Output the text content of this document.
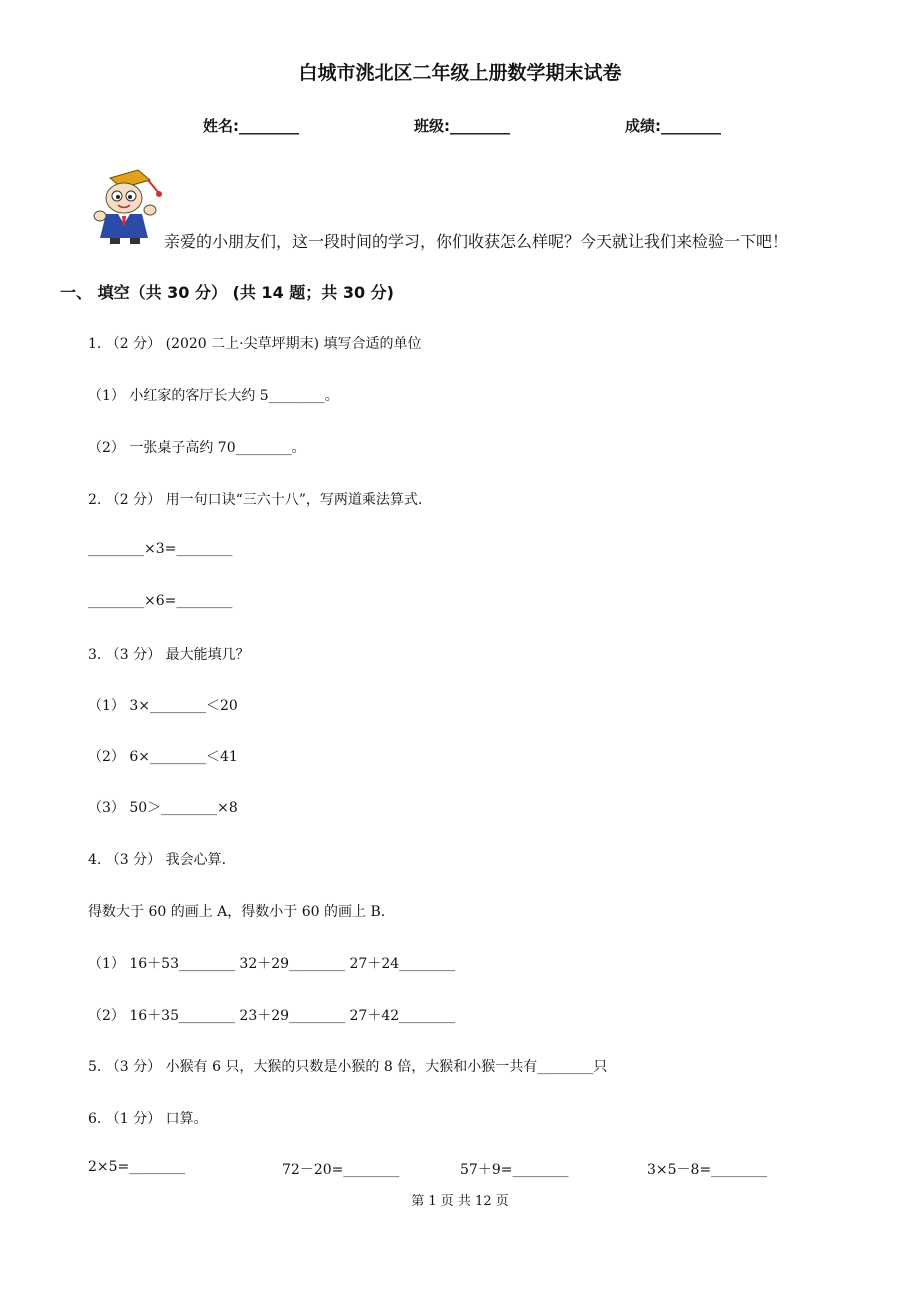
白城市洮北区二年级上册数学期末试卷
姓名:________	班级:________	成绩:________
亲爱的小朋友们，这一段时间的学习，你们收获怎么样呢？今天就让我们来检验一下吧！
一、 填空（共 30 分） (共 14 题；共 30 分)
1. （2 分） (2020 二上·尖草坪期末) 填写合适的单位
（1） 小红家的客厅长大约 5________。
（2） 一张桌子高约 70________。
2. （2 分） 用一句口诀“三六十八”，写两道乘法算式.
________×3=________
________×6=________
3. （3 分） 最大能填几？
（1） 3×________＜20
（2） 6×________＜41
（3） 50＞________×8
4. （3 分） 我会心算.
得数大于 60 的画上 A，得数小于 60 的画上 B.
（1） 16＋53________ 32＋29________ 27＋24________
（2） 16＋35________ 23＋29________ 27＋42________
5. （3 分） 小猴有 6 只，大猴的只数是小猴的 8 倍，大猴和小猴一共有________只
6. （1 分） 口算。
2×5=________	72－20=________	57＋9=________	3×5－8=________
第 1 页 共 12 页
